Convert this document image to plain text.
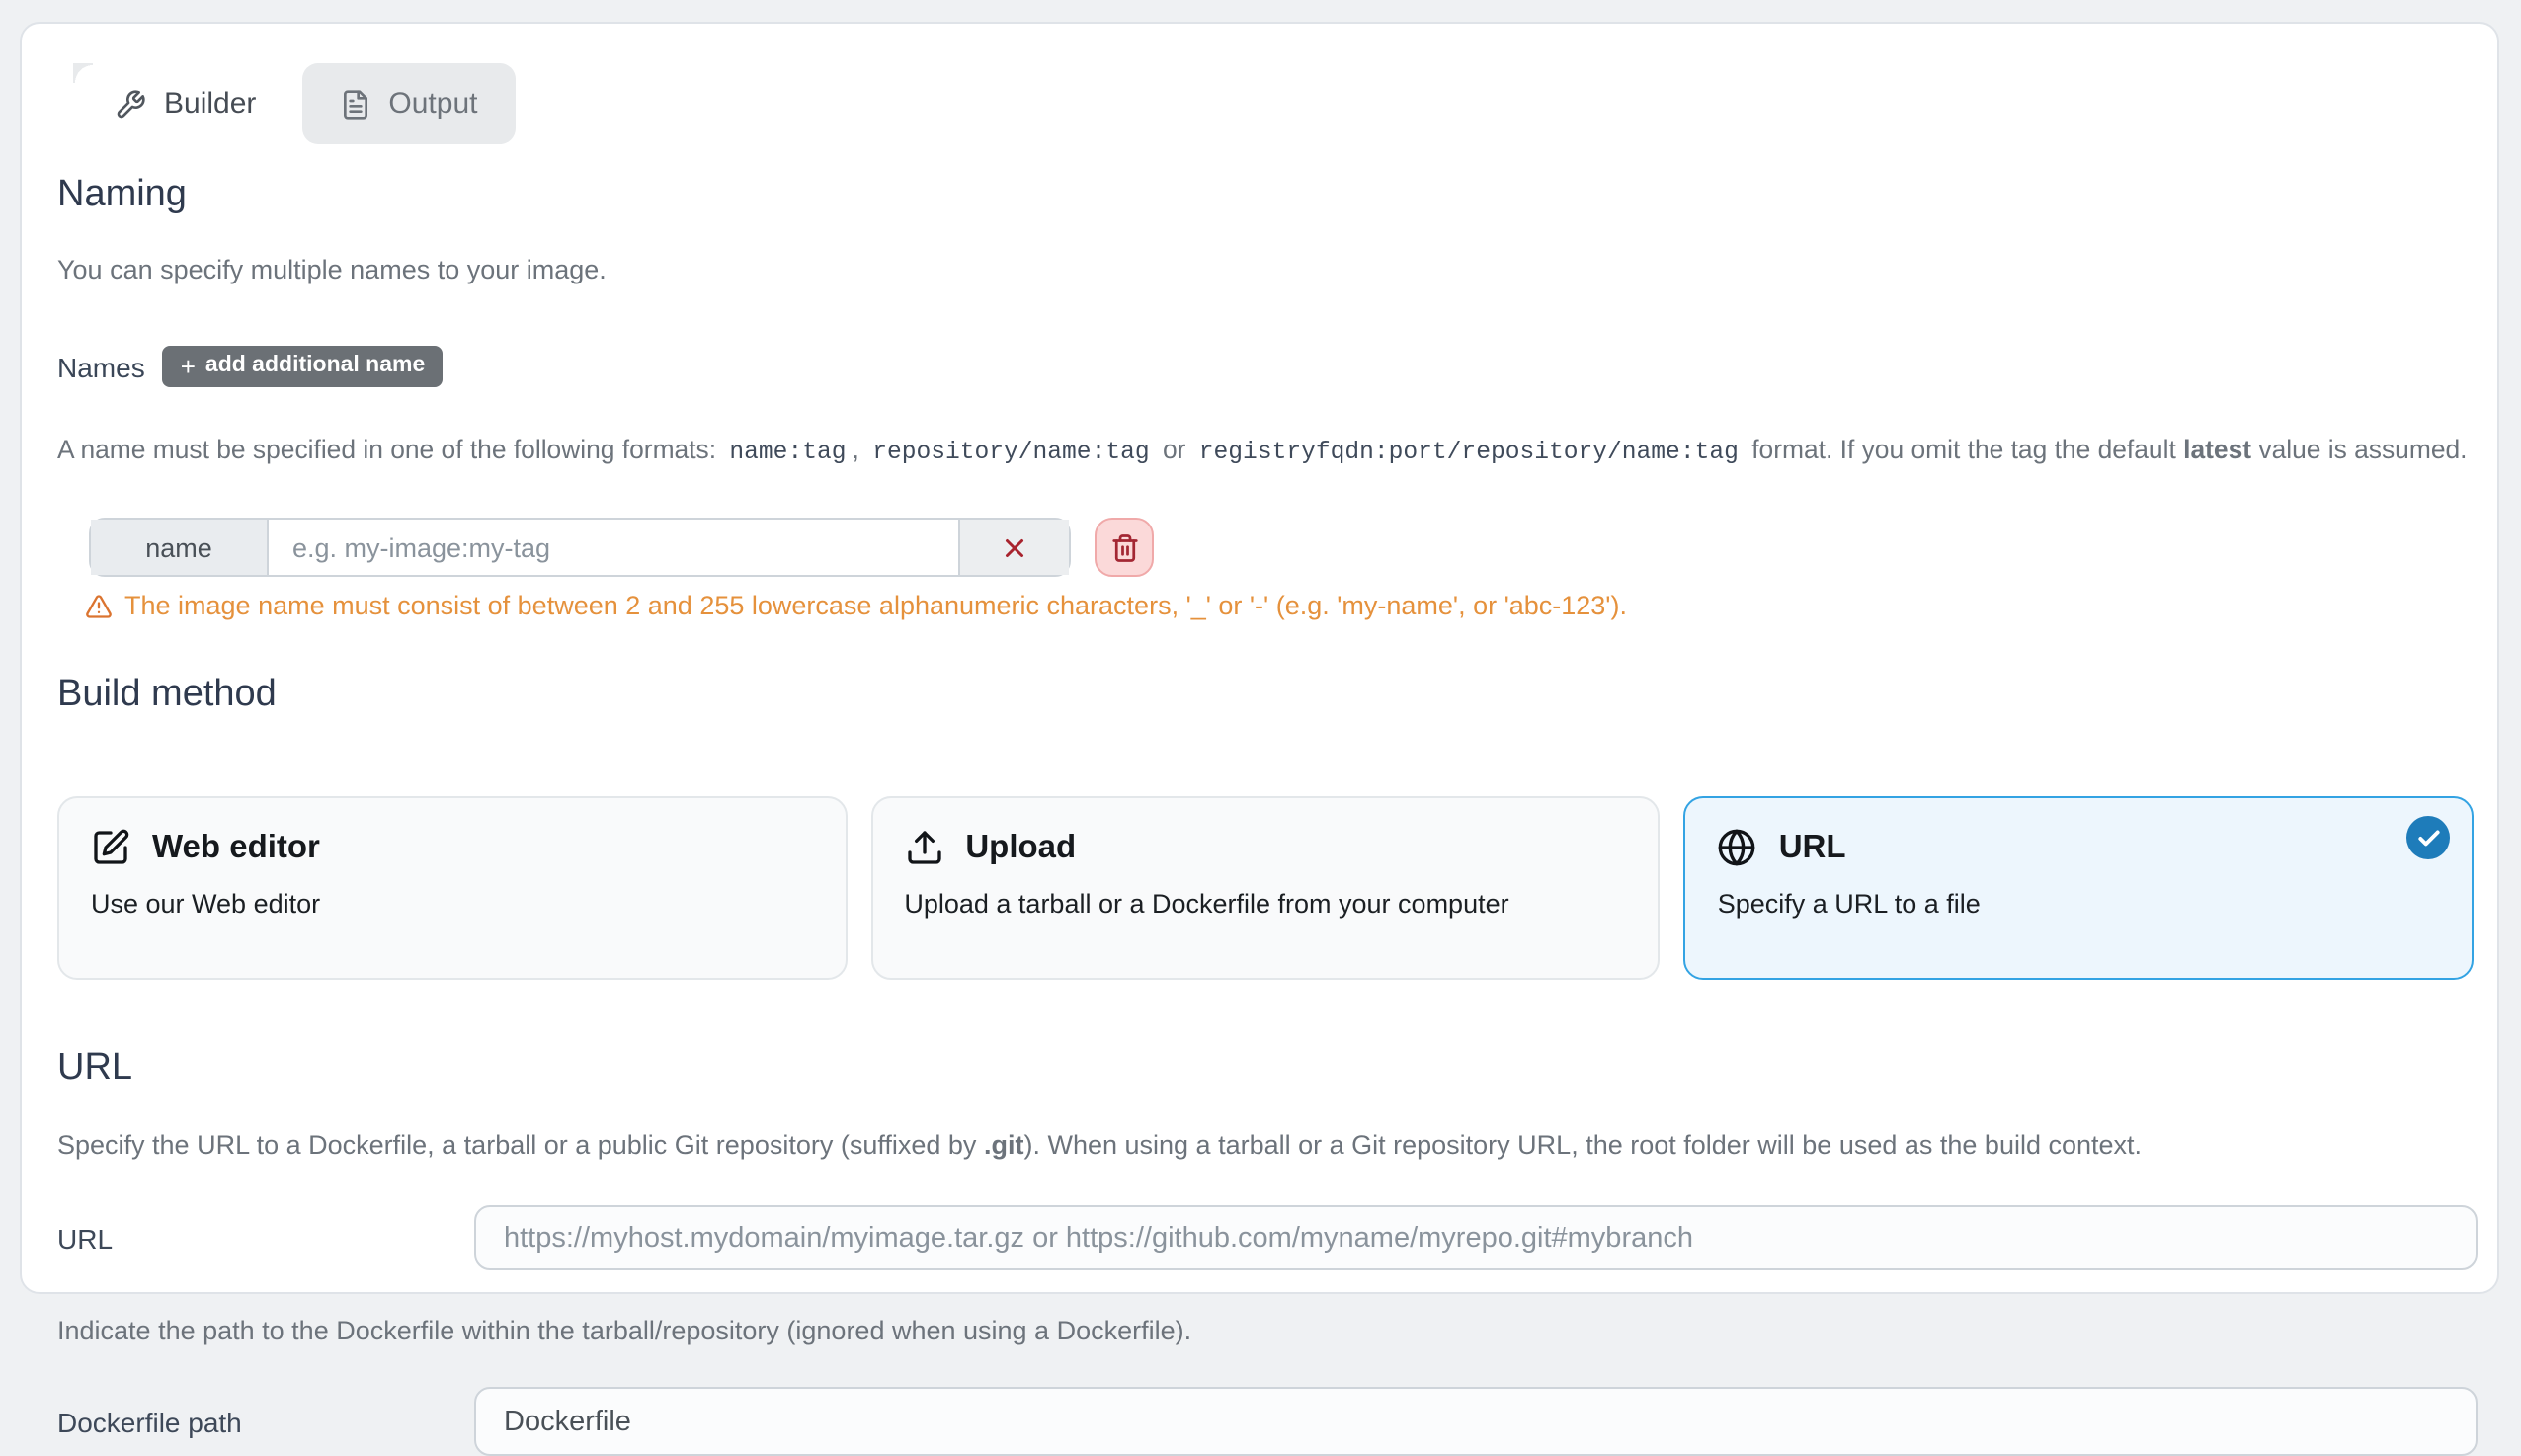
Builder	Output
Naming

You can specify multiple names to your image.

Names	+ add additional name

A name must be specified in one of the following formats: name:tag , repository/name:tag or registryfqdn:port/repository/name:tag format. If you omit the tag the default latest value is assumed.

name
e.g. my-image:my-tag
The image name must consist of between 2 and 255 lowercase alphanumeric characters, '_' or '-' (e.g. 'my-name', or 'abc-123').
Build method
Web editor
Use our Web editor
Upload
Upload a tarball or a Dockerfile from your computer
URL
Specify a URL to a file
URL

Specify the URL to a Dockerfile, a tarball or a public Git repository (suffixed by .git). When using a tarball or a Git repository URL, the root folder will be used as the build context.

URL
https://myhost.mydomain/myimage.tar.gz or https://github.com/myname/myrepo.git#mybranch

Indicate the path to the Dockerfile within the tarball/repository (ignored when using a Dockerfile).

Dockerfile path
Dockerfile
